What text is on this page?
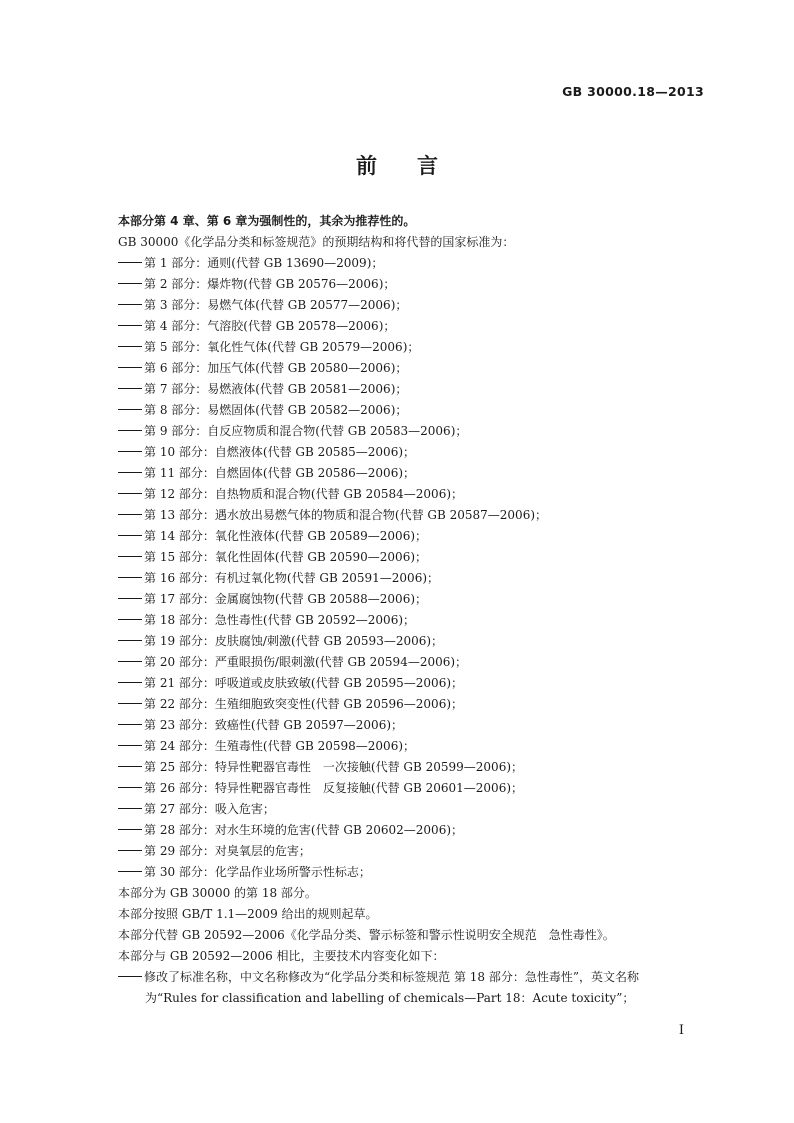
GB 30000.18—2013
前言
本部分第 4 章、第 6 章为强制性的，其余为推荐性的。
GB 30000《化学品分类和标签规范》的预期结构和将代替的国家标准为：
第 1 部分：通则(代替 GB 13690—2009)；
第 2 部分：爆炸物(代替 GB 20576—2006)；
第 3 部分：易燃气体(代替 GB 20577—2006)；
第 4 部分：气溶胶(代替 GB 20578—2006)；
第 5 部分：氧化性气体(代替 GB 20579—2006)；
第 6 部分：加压气体(代替 GB 20580—2006)；
第 7 部分：易燃液体(代替 GB 20581—2006)；
第 8 部分：易燃固体(代替 GB 20582—2006)；
第 9 部分：自反应物质和混合物(代替 GB 20583—2006)；
第 10 部分：自燃液体(代替 GB 20585—2006)；
第 11 部分：自燃固体(代替 GB 20586—2006)；
第 12 部分：自热物质和混合物(代替 GB 20584—2006)；
第 13 部分：遇水放出易燃气体的物质和混合物(代替 GB 20587—2006)；
第 14 部分：氧化性液体(代替 GB 20589—2006)；
第 15 部分：氧化性固体(代替 GB 20590—2006)；
第 16 部分：有机过氧化物(代替 GB 20591—2006)；
第 17 部分：金属腐蚀物(代替 GB 20588—2006)；
第 18 部分：急性毒性(代替 GB 20592—2006)；
第 19 部分：皮肤腐蚀/刺激(代替 GB 20593—2006)；
第 20 部分：严重眼损伤/眼刺激(代替 GB 20594—2006)；
第 21 部分：呼吸道或皮肤致敏(代替 GB 20595—2006)；
第 22 部分：生殖细胞致突变性(代替 GB 20596—2006)；
第 23 部分：致癌性(代替 GB 20597—2006)；
第 24 部分：生殖毒性(代替 GB 20598—2006)；
第 25 部分：特异性靶器官毒性　一次接触(代替 GB 20599—2006)；
第 26 部分：特异性靶器官毒性　反复接触(代替 GB 20601—2006)；
第 27 部分：吸入危害；
第 28 部分：对水生环境的危害(代替 GB 20602—2006)；
第 29 部分：对臭氧层的危害；
第 30 部分：化学品作业场所警示性标志；
本部分为 GB 30000 的第 18 部分。
本部分按照 GB/T 1.1—2009 给出的规则起草。
本部分代替 GB 20592—2006《化学品分类、警示标签和警示性说明安全规范　急性毒性》。
本部分与 GB 20592—2006 相比，主要技术内容变化如下：
修改了标准名称，中文名称修改为“化学品分类和标签规范 第 18 部分：急性毒性”，英文名称
为“Rules for classification and labelling of chemicals—Part 18：Acute toxicity”；
I
